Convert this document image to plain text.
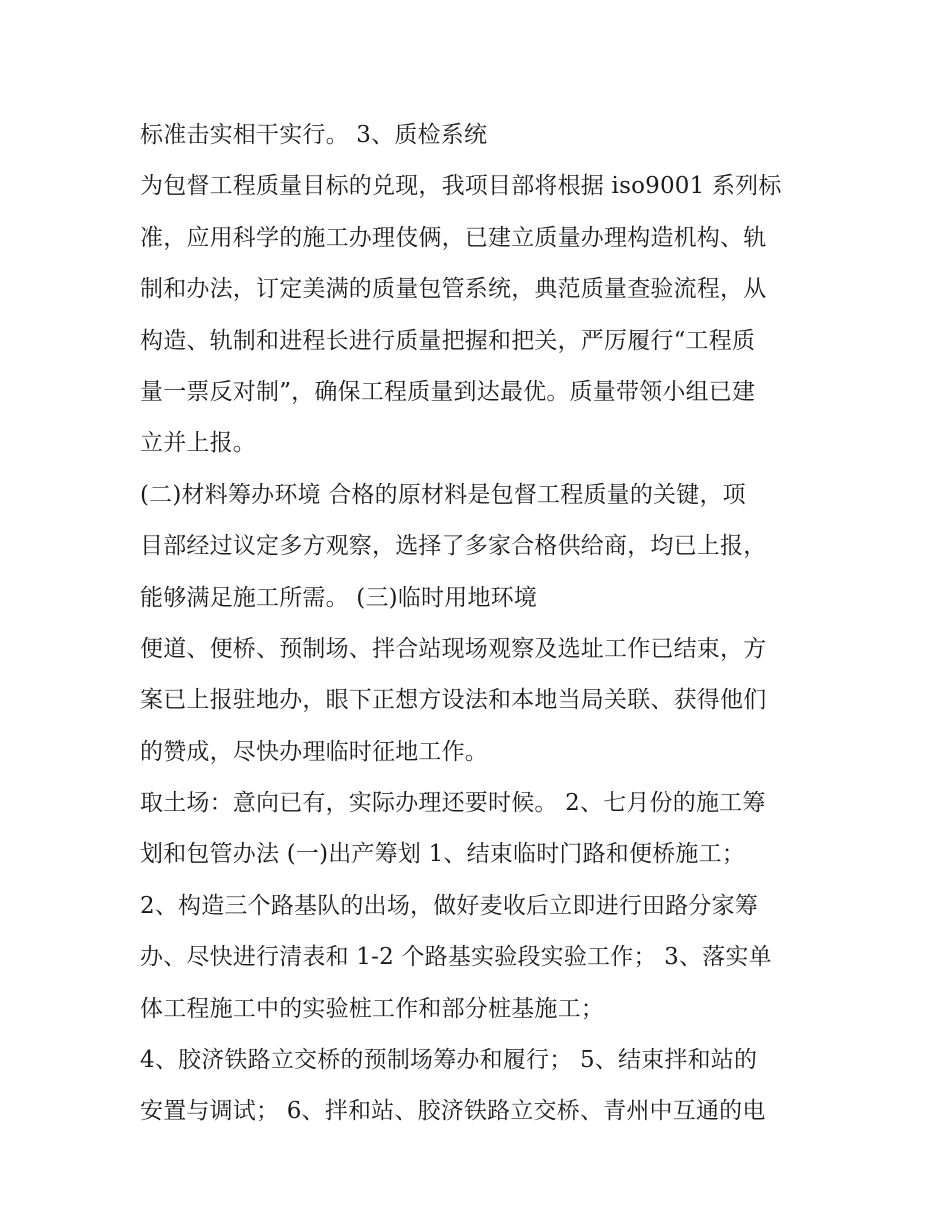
标准击实相干实行。 3、质检系统
为包督工程质量目标的兑现，我项目部将根据 iso9001 系列标
准，应用科学的施工办理伎俩，已建立质量办理构造机构、轨
制和办法，订定美满的质量包管系统，典范质量查验流程，从
构造、轨制和进程长进行质量把握和把关，严厉履行“工程质
量一票反对制”，确保工程质量到达最优。质量带领小组已建
立并上报。
(二)材料筹办环境 合格的原材料是包督工程质量的关键，项
目部经过议定多方观察，选择了多家合格供给商，均已上报，
能够满足施工所需。 (三)临时用地环境
便道、便桥、预制场、拌合站现场观察及选址工作已结束，方
案已上报驻地办，眼下正想方设法和本地当局关联、获得他们
的赞成，尽快办理临时征地工作。
取土场：意向已有，实际办理还要时候。 2、七月份的施工筹
划和包管办法 (一)出产筹划 1、结束临时门路和便桥施工；
2、构造三个路基队的出场，做好麦收后立即进行田路分家筹
办、尽快进行清表和 1-2 个路基实验段实验工作； 3、落实单
体工程施工中的实验桩工作和部分桩基施工；
4、胶济铁路立交桥的预制场筹办和履行； 5、结束拌和站的
安置与调试； 6、拌和站、胶济铁路立交桥、青州中互通的电
